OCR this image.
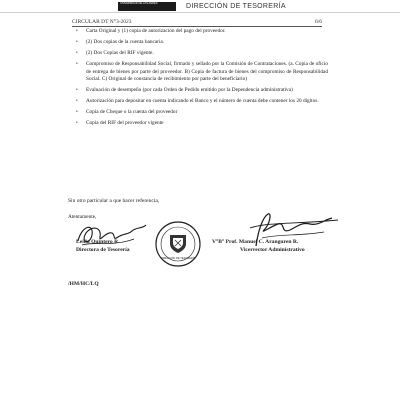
UNIVERSIDAD DE LOS ANDES	DIRECCIÓN DE TESORERÍA
CIRCULAR DT N°3-2023	6/6
• Carta Original y (1) copia de autorización del pago del proveedor.
• (2) Dos copias de la cuenta bancaria.
• (2) Dos Copias del RIF vigente.
• Compromiso de Responsabilidad Social, firmado y sellado por la Comisión de Contrataciones. (a. Copia de oficio de entrega de bienes por parte del proveedor. B) Copia de factura de bienes del compromiso de Responsabilidad Social. C) Original de constancia de recibimiento por parte del beneficiario)
• Evaluación de desempeño (por cada Orden de Pedido emitido por la Dependencia administrativa)
• Autorización para depositar en cuenta indicando el Banco y el número de cuenta debe contener los 20 dígitos.
• Copia de Cheque o la cuenta del proveedor
• Copia del RIF del proveedor vigente
Sin otro particular a que hacer referencia,
Atentamente,
DIRECCIÓN DE TESORERÍA
Leida Quintero R.
Directora de Tesorería
V°B° Prof. Manuel C. Aranguren R.
Vicerrector Administrativo
/HM/HC/LQ
